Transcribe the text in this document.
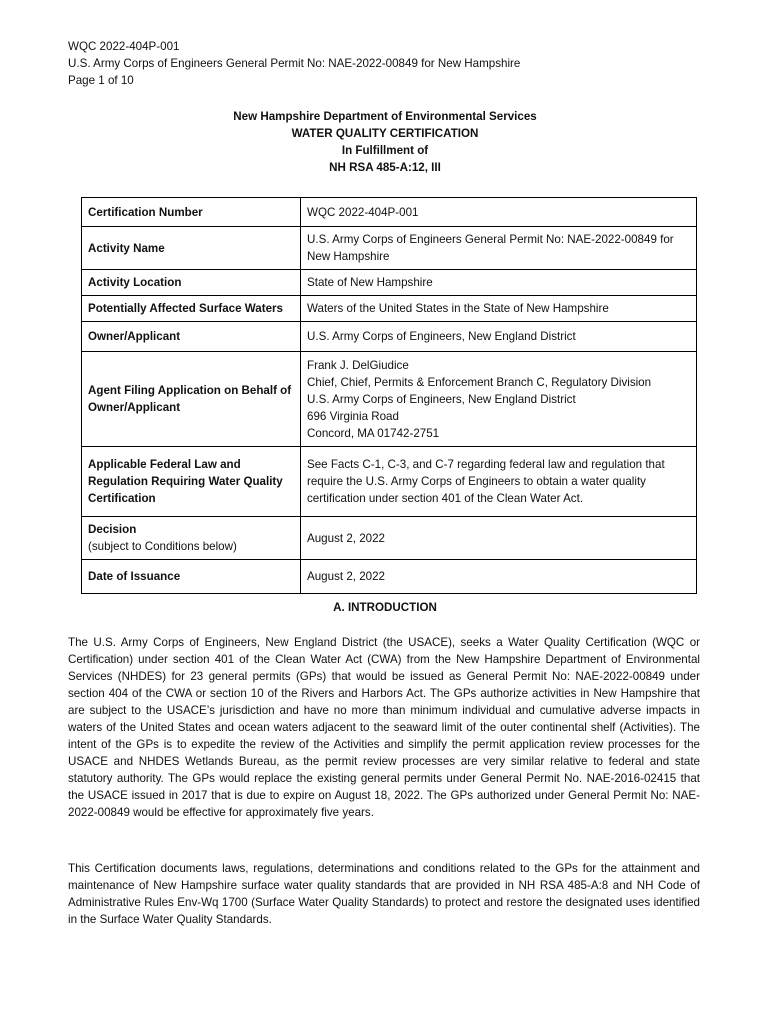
WQC 2022-404P-001
U.S. Army Corps of Engineers General Permit No: NAE-2022-00849 for New Hampshire
Page 1 of 10
New Hampshire Department of Environmental Services
WATER QUALITY CERTIFICATION
In Fulfillment of
NH RSA 485-A:12, III
Certification Number	WQC 2022-404P-001

Activity Name	U.S. Army Corps of Engineers General Permit No: NAE-2022-00849 for
New Hampshire

Activity Location	State of New Hampshire

Potentially Affected Surface Waters	Waters of the United States in the State of New Hampshire

Owner/Applicant	U.S. Army Corps of Engineers, New England District

Agent Filing Application on Behalf of
Owner/Applicant	Frank J. DelGiudice
Chief, Chief, Permits & Enforcement Branch C, Regulatory Division
U.S. Army Corps of Engineers, New England District
696 Virginia Road
Concord, MA 01742-2751

Applicable Federal Law and
Regulation Requiring Water Quality
Certification	See Facts C-1, C-3, and C-7 regarding federal law and regulation that
require the U.S. Army Corps of Engineers to obtain a water quality
certification under section 401 of the Clean Water Act.

Decision
(subject to Conditions below)	August 2, 2022

Date of Issuance	August 2, 2022
A. INTRODUCTION

The U.S. Army Corps of Engineers, New England District (the USACE), seeks a Water Quality Certification (WQC or Certification) under section 401 of the Clean Water Act (CWA) from the New Hampshire Department of Environmental Services (NHDES) for 23 general permits (GPs) that would be issued as General Permit No: NAE-2022-00849 under section 404 of the CWA or section 10 of the Rivers and Harbors Act. The GPs authorize activities in New Hampshire that are subject to the USACE’s jurisdiction and have no more than minimum individual and cumulative adverse impacts in waters of the United States and ocean waters adjacent to the seaward limit of the outer continental shelf (Activities). The intent of the GPs is to expedite the review of the Activities and simplify the permit application review processes for the USACE and NHDES Wetlands Bureau, as the permit review processes are very similar relative to federal and state statutory authority. The GPs would replace the existing general permits under General Permit No. NAE-2016-02415 that the USACE issued in 2017 that is due to expire on August 18, 2022. The GPs authorized under General Permit No: NAE-2022-00849 would be effective for approximately five years.

This Certification documents laws, regulations, determinations and conditions related to the GPs for the attainment and maintenance of New Hampshire surface water quality standards that are provided in NH RSA 485-A:8 and NH Code of Administrative Rules Env-Wq 1700 (Surface Water Quality Standards) to protect and restore the designated uses identified in the Surface Water Quality Standards.
